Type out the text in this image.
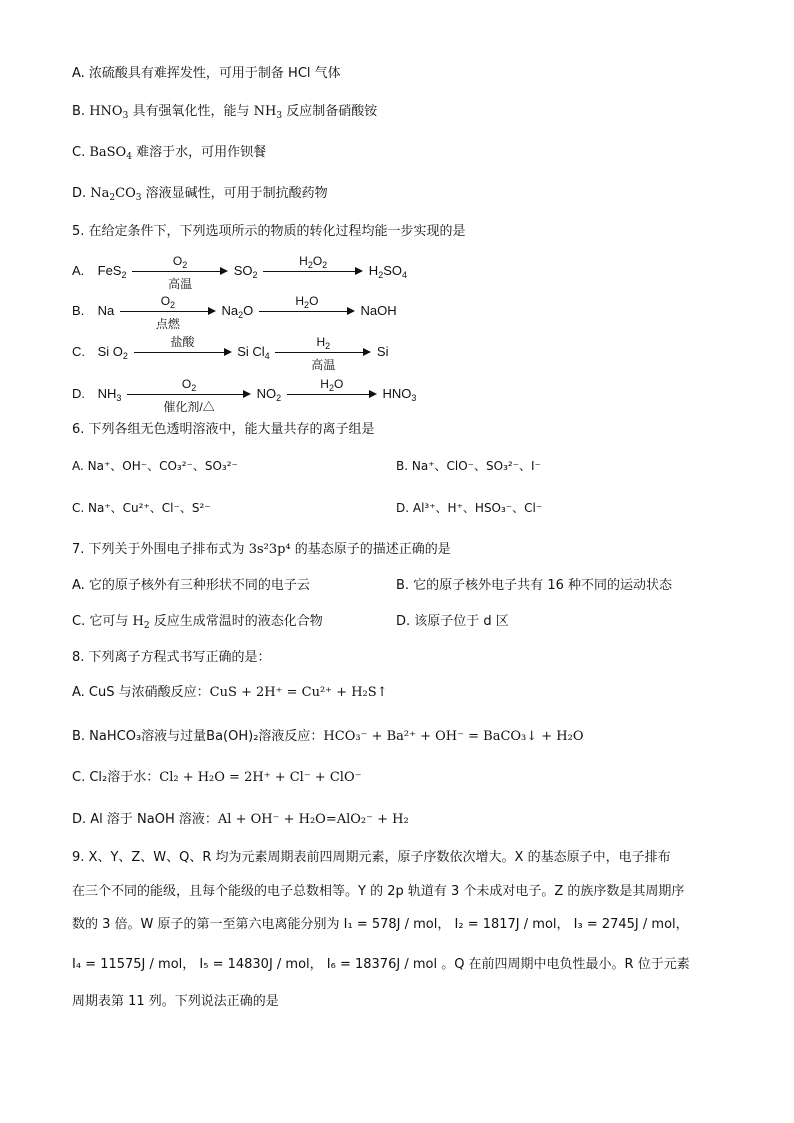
A. 浓硫酸具有难挥发性，可用于制备 HCl 气体
B. $HNO_3$ 具有强氧化性，能与 $NH_3$ 反应制备硝酸铵
C. BaSO$_4$ 难溶于水，可用作钡餐
D. $Na_2CO_3$ 溶液显碱性，可用于制抗酸药物
5. 在给定条件下，下列选项所示的物质的转化过程均能一步实现的是
A. FeS$_2$
$O_2$
高温
$SO_2$
$H_2O_2$	$H_2SO_4$
B. Na
$O_2$
点燃
$Na_2O$
$H_2O$
NaOH
C. Si $O_2$
盐酸
Si $Cl_4$
$H_2$
高温
Si
D. $NH_3$
$O_2$
催化剂/△
$NO_2$
$H_2O$
$HNO_3$
6. 下列各组无色透明溶液中，能大量共存的离子组是
A. Na⁺、OH⁻、CO₃²⁻、SO₃²⁻	B. Na⁺、ClO⁻、SO₃²⁻、I⁻
C. Na⁺、Cu²⁺、Cl⁻、S²⁻	D. Al³⁺、H⁺、HSO₃⁻、Cl⁻
7. 下列关于外围电子排布式为 3s²3p⁴ 的基态原子的描述正确的是
A. 它的原子核外有三种形状不同的电子云	B. 它的原子核外电子共有 16 种不同的运动状态
C. 它可与 $H_2$ 反应生成常温时的液态化合物	D. 该原子位于 d 区
8. 下列离子方程式书写正确的是：
A. CuS 与浓硝酸反应：CuS + 2H⁺ = Cu²⁺ + H₂S↑
B. NaHCO₃溶液与过量Ba(OH)₂溶液反应：HCO₃⁻ + Ba²⁺ + OH⁻ = BaCO₃↓ + H₂O
C. Cl₂溶于水：Cl₂ + H₂O = 2H⁺ + Cl⁻ + ClO⁻
D. Al 溶于 NaOH 溶液：Al + OH⁻ + H₂O=AlO₂⁻ + H₂
9. X、Y、Z、W、Q、R 均为元素周期表前四周期元素，原子序数依次增大。X 的基态原子中，电子排布
在三个不同的能级，且每个能级的电子总数相等。Y 的 2p 轨道有 3 个未成对电子。Z 的族序数是其周期序
数的 3 倍。W 原子的第一至第六电离能分别为 I₁ = 578J / mol， I₂ = 1817J / mol， I₃ = 2745J / mol，
I₄ = 11575J / mol， I₅ = 14830J / mol， I₆ = 18376J / mol 。Q 在前四周期中电负性最小。R 位于元素
周期表第 11 列。下列说法正确的是
